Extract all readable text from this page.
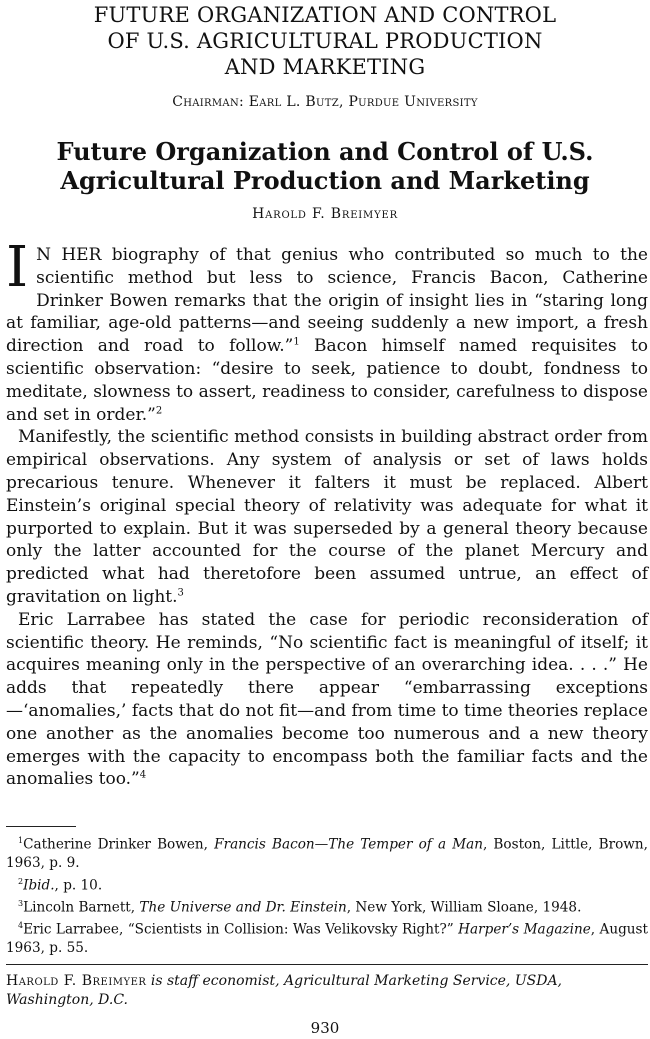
FUTURE ORGANIZATION AND CONTROL
OF U.S. AGRICULTURAL PRODUCTION
AND MARKETING
Chairman: Earl L. Butz, Purdue University
Future Organization and Control of U.S.
Agricultural Production and Marketing
Harold F. Breimyer

I N HER biography of that genius who contributed so much to the scientific method but less to science, Francis Bacon, Catherine Drinker Bowen remarks that the origin of insight lies in “staring long at familiar, age-old patterns—and seeing suddenly a new import, a fresh direction and road to follow.”$^1$ Bacon himself named requisites to scientific observation: “desire to seek, patience to doubt, fondness to meditate, slowness to assert, readiness to consider, carefulness to dispose and set in order.”$^2$

Manifestly, the scientific method consists in building abstract order from empirical observations. Any system of analysis or set of laws holds precarious tenure. Whenever it falters it must be replaced. Albert Einstein’s original special theory of relativity was adequate for what it purported to explain. But it was superseded by a general theory because only the latter accounted for the course of the planet Mercury and predicted what had theretofore been assumed untrue, an effect of gravitation on light.$^3$

Eric Larrabee has stated the case for periodic reconsideration of scientific theory. He reminds, “No scientific fact is meaningful of itself; it acquires meaning only in the perspective of an overarching idea. . . .” He adds that repeatedly there appear “embarrassing exceptions—‘anomalies,’ facts that do not fit—and from time to time theories replace one another as the anomalies become too numerous and a new theory emerges with the capacity to encompass both the familiar facts and the anomalies too.”$^4$

$^1$Catherine Drinker Bowen, Francis Bacon—The Temper of a Man, Boston, Little, Brown, 1963, p. 9.

$^2$Ibid., p. 10.

$^3$Lincoln Barnett, The Universe and Dr. Einstein, New York, William Sloane, 1948.

$^4$Eric Larrabee, “Scientists in Collision: Was Velikovsky Right?” Harper’s Magazine, August 1963, p. 55.

Harold F. Breimyer is staff economist, Agricultural Marketing Service, USDA, Washington, D.C.
930
